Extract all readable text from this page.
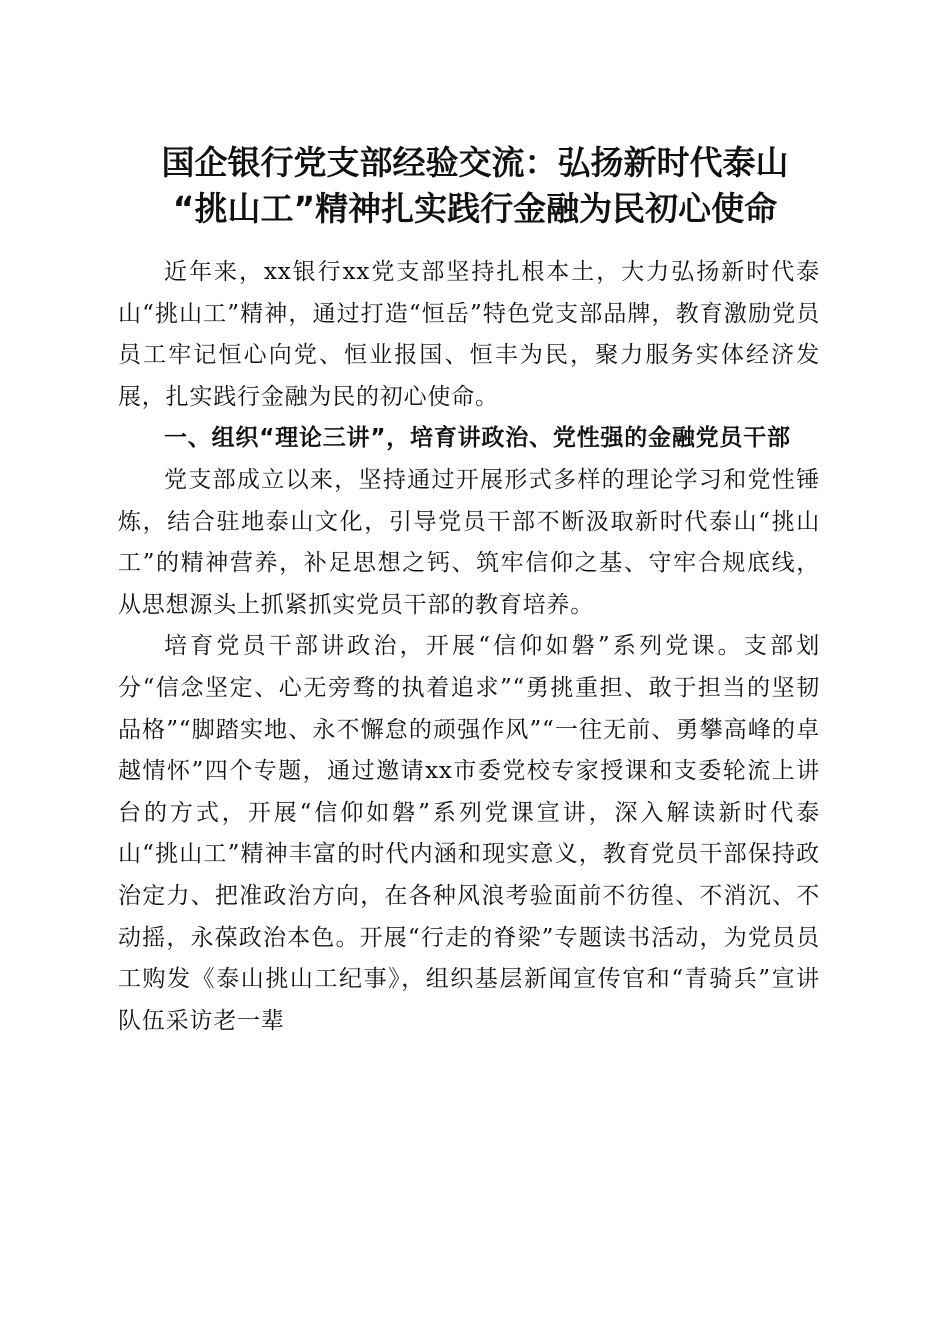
国企银行党支部经验交流：弘扬新时代泰山
“挑山工”精神扎实践行金融为民初心使命

近年来，xx银行xx党支部坚持扎根本土，大力弘扬新时代泰山“挑山工”精神，通过打造“恒岳”特色党支部品牌，教育激励党员员工牢记恒心向党、恒业报国、恒丰为民，聚力服务实体经济发展，扎实践行金融为民的初心使命。

一、组织“理论三讲”，培育讲政治、党性强的金融党员干部

党支部成立以来，坚持通过开展形式多样的理论学习和党性锤炼，结合驻地泰山文化，引导党员干部不断汲取新时代泰山“挑山工”的精神营养，补足思想之钙、筑牢信仰之基、守牢合规底线，从思想源头上抓紧抓实党员干部的教育培养。

培育党员干部讲政治，开展“信仰如磐”系列党课。支部划分“信念坚定、心无旁骛的执着追求”“勇挑重担、敢于担当的坚韧品格”“脚踏实地、永不懈怠的顽强作风”“一往无前、勇攀高峰的卓越情怀”四个专题，通过邀请xx市委党校专家授课和支委轮流上讲台的方式，开展“信仰如磐”系列党课宣讲，深入解读新时代泰山“挑山工”精神丰富的时代内涵和现实意义，教育党员干部保持政治定力、把准政治方向，在各种风浪考验面前不彷徨、不消沉、不动摇，永葆政治本色。开展“行走的脊梁”专题读书活动，为党员员工购发《泰山挑山工纪事》，组织基层新闻宣传官和“青骑兵”宣讲队伍采访老一辈
